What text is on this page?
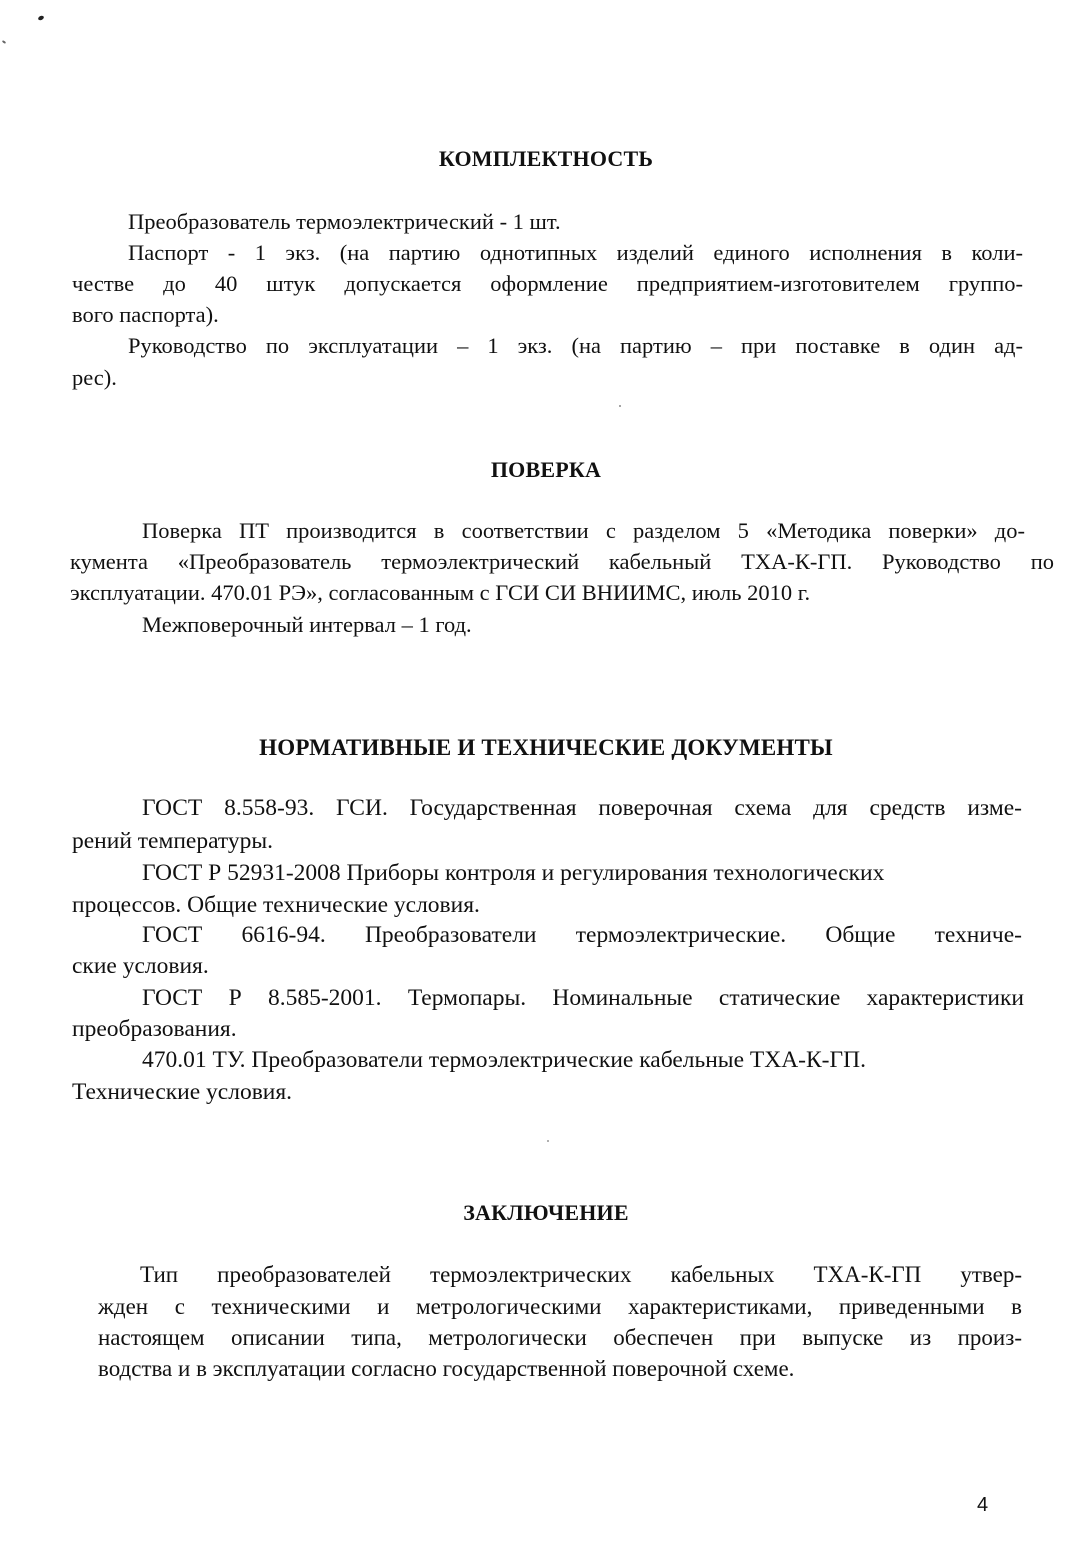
КОМПЛЕКТНОСТЬ

Преобразователь термоэлектрический - 1 шт.

Паспорт - 1 экз. (на партию однотипных изделий единого исполнения в коли-

честве до 40 штук допускается оформление предприятием-изготовителем группо-

вого паспорта).

Руководство по эксплуатации – 1 экз. (на партию – при поставке в один ад-

рес).

ПОВЕРКА

Поверка ПТ производится в соответствии с разделом 5 «Методика поверки» до-

кумента «Преобразователь термоэлектрический кабельный ТХА-К-ГП. Руководство по

эксплуатации. 470.01 РЭ», согласованным с ГСИ СИ ВНИИМС, июль 2010 г.

Межповерочный интервал – 1 год.

НОРМАТИВНЫЕ И ТЕХНИЧЕСКИЕ ДОКУМЕНТЫ

ГОСТ 8.558-93. ГСИ. Государственная поверочная схема для средств изме-

рений температуры.

ГОСТ Р 52931-2008 Приборы контроля и регулирования технологических

процессов. Общие технические условия.

ГОСТ 6616-94. Преобразователи термоэлектрические. Общие техниче-

ские условия.

ГОСТ Р 8.585-2001. Термопары. Номинальные статические характеристики

преобразования.

470.01 ТУ. Преобразователи термоэлектрические кабельные ТХА-К-ГП.

Технические условия.

ЗАКЛЮЧЕНИЕ

Тип преобразователей термоэлектрических кабельных ТХА-К-ГП утвер-

жден с техническими и метрологическими характеристиками, приведенными в

настоящем описании типа, метрологически обеспечен при выпуске из произ-

водства и в эксплуатации согласно государственной поверочной схеме.

4
